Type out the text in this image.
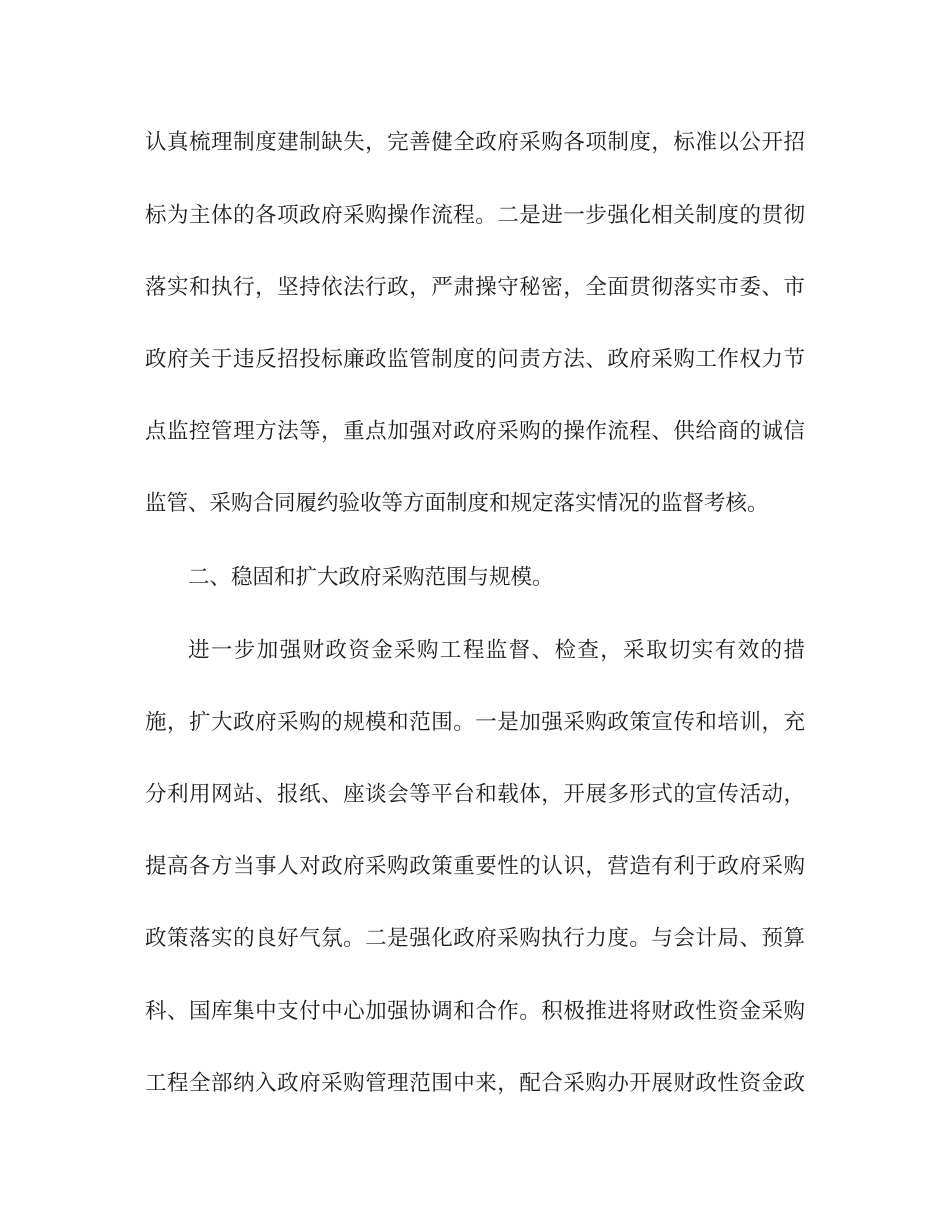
认真梳理制度建制缺失，完善健全政府采购各项制度，标准以公开招
标为主体的各项政府采购操作流程。二是进一步强化相关制度的贯彻
落实和执行，坚持依法行政，严肃操守秘密，全面贯彻落实市委、市
政府关于违反招投标廉政监管制度的问责方法、政府采购工作权力节
点监控管理方法等，重点加强对政府采购的操作流程、供给商的诚信
监管、采购合同履约验收等方面制度和规定落实情况的监督考核。
二、稳固和扩大政府采购范围与规模。
进一步加强财政资金采购工程监督、检查，采取切实有效的措
施，扩大政府采购的规模和范围。一是加强采购政策宣传和培训，充
分利用网站、报纸、座谈会等平台和载体，开展多形式的宣传活动，
提高各方当事人对政府采购政策重要性的认识，营造有利于政府采购
政策落实的良好气氛。二是强化政府采购执行力度。与会计局、预算
科、国库集中支付中心加强协调和合作。积极推进将财政性资金采购
工程全部纳入政府采购管理范围中来，配合采购办开展财政性资金政
